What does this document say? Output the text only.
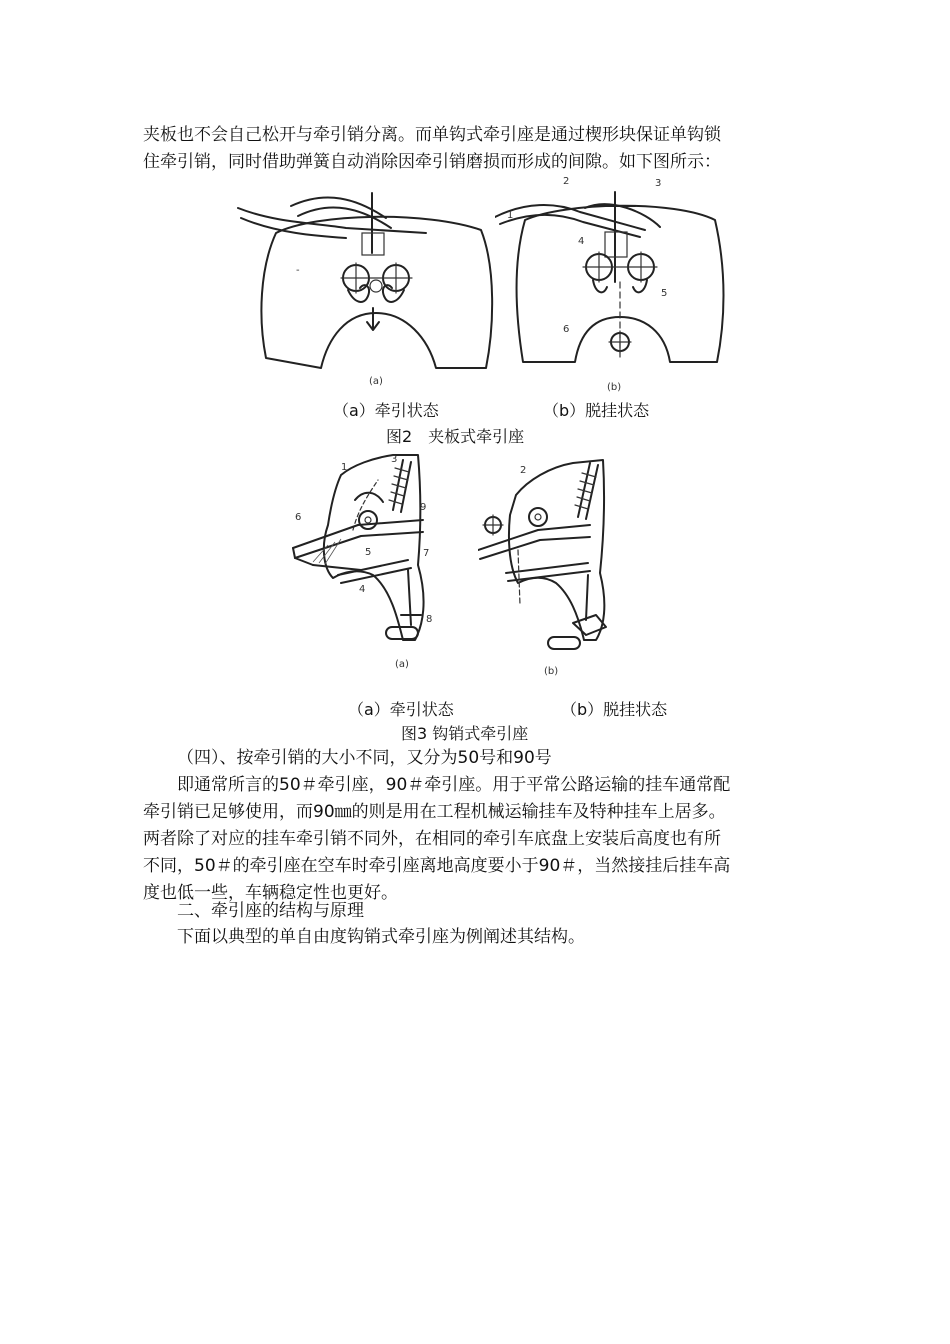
夹板也不会自己松开与牵引销分离。而单钩式牵引座是通过楔形块保证单钩锁
住牵引销，同时借助弹簧自动消除因牵引销磨损而形成的间隙。如下图所示：
-
(a)
1
2	3
4
5
6
(b)
（a）牵引状态	（b）脱挂状态
图2　夹板式牵引座
1
3
9
6
5	7
4
8
(a)
2
(b)
（a）牵引状态	（b）脱挂状态
图3 钩销式牵引座
（四）、按牵引销的大小不同，又分为50号和90号
即通常所言的50＃牵引座，90＃牵引座。用于平常公路运输的挂车通常配
牵引销已足够使用，而90㎜的则是用在工程机械运输挂车及特种挂车上居多。
两者除了对应的挂车牵引销不同外，在相同的牵引车底盘上安装后高度也有所
不同，50＃的牵引座在空车时牵引座离地高度要小于90＃，当然接挂后挂车高
度也低一些，车辆稳定性也更好。
二、牵引座的结构与原理
下面以典型的单自由度钩销式牵引座为例阐述其结构。
